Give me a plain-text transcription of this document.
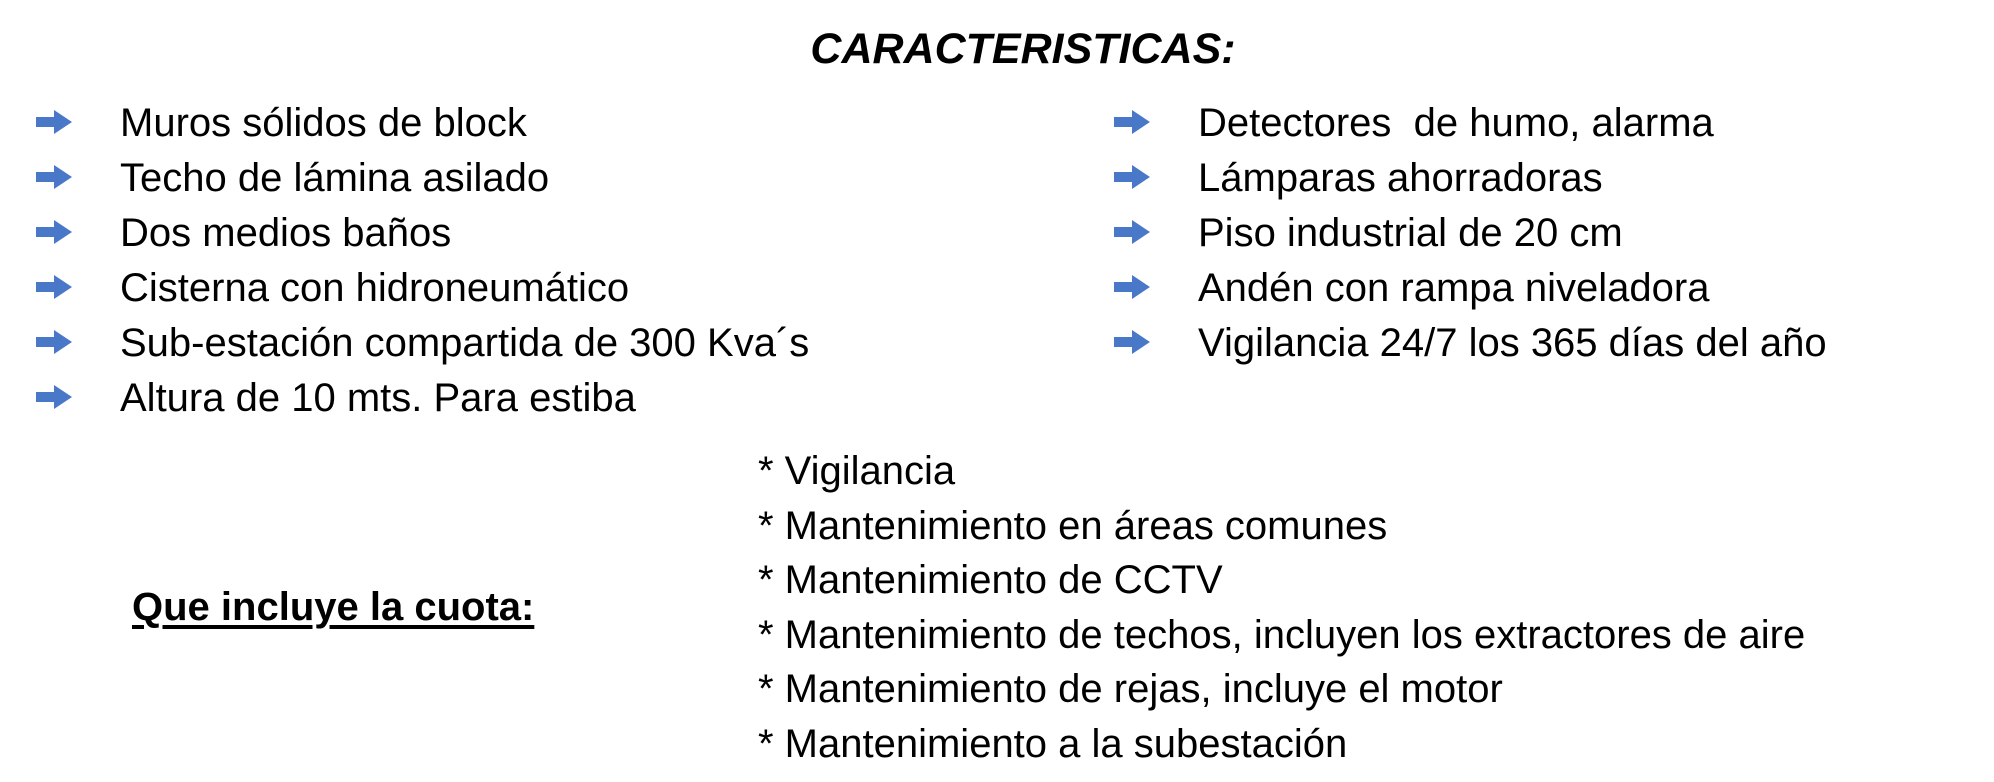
CARACTERISTICAS:
Muros sólidos de block
Techo de lámina asilado
Dos medios baños
Cisterna con hidroneumático
Sub-estación compartida de 300 Kva´s
Altura de 10 mts. Para estiba
Detectores  de humo, alarma
Lámparas ahorradoras
Piso industrial de 20 cm
Andén con rampa niveladora
Vigilancia 24/7 los 365 días del año
Que incluye la cuota:
* Vigilancia
* Mantenimiento en áreas comunes
* Mantenimiento de CCTV
* Mantenimiento de techos, incluyen los extractores de aire
* Mantenimiento de rejas, incluye el motor
* Mantenimiento a la subestación
